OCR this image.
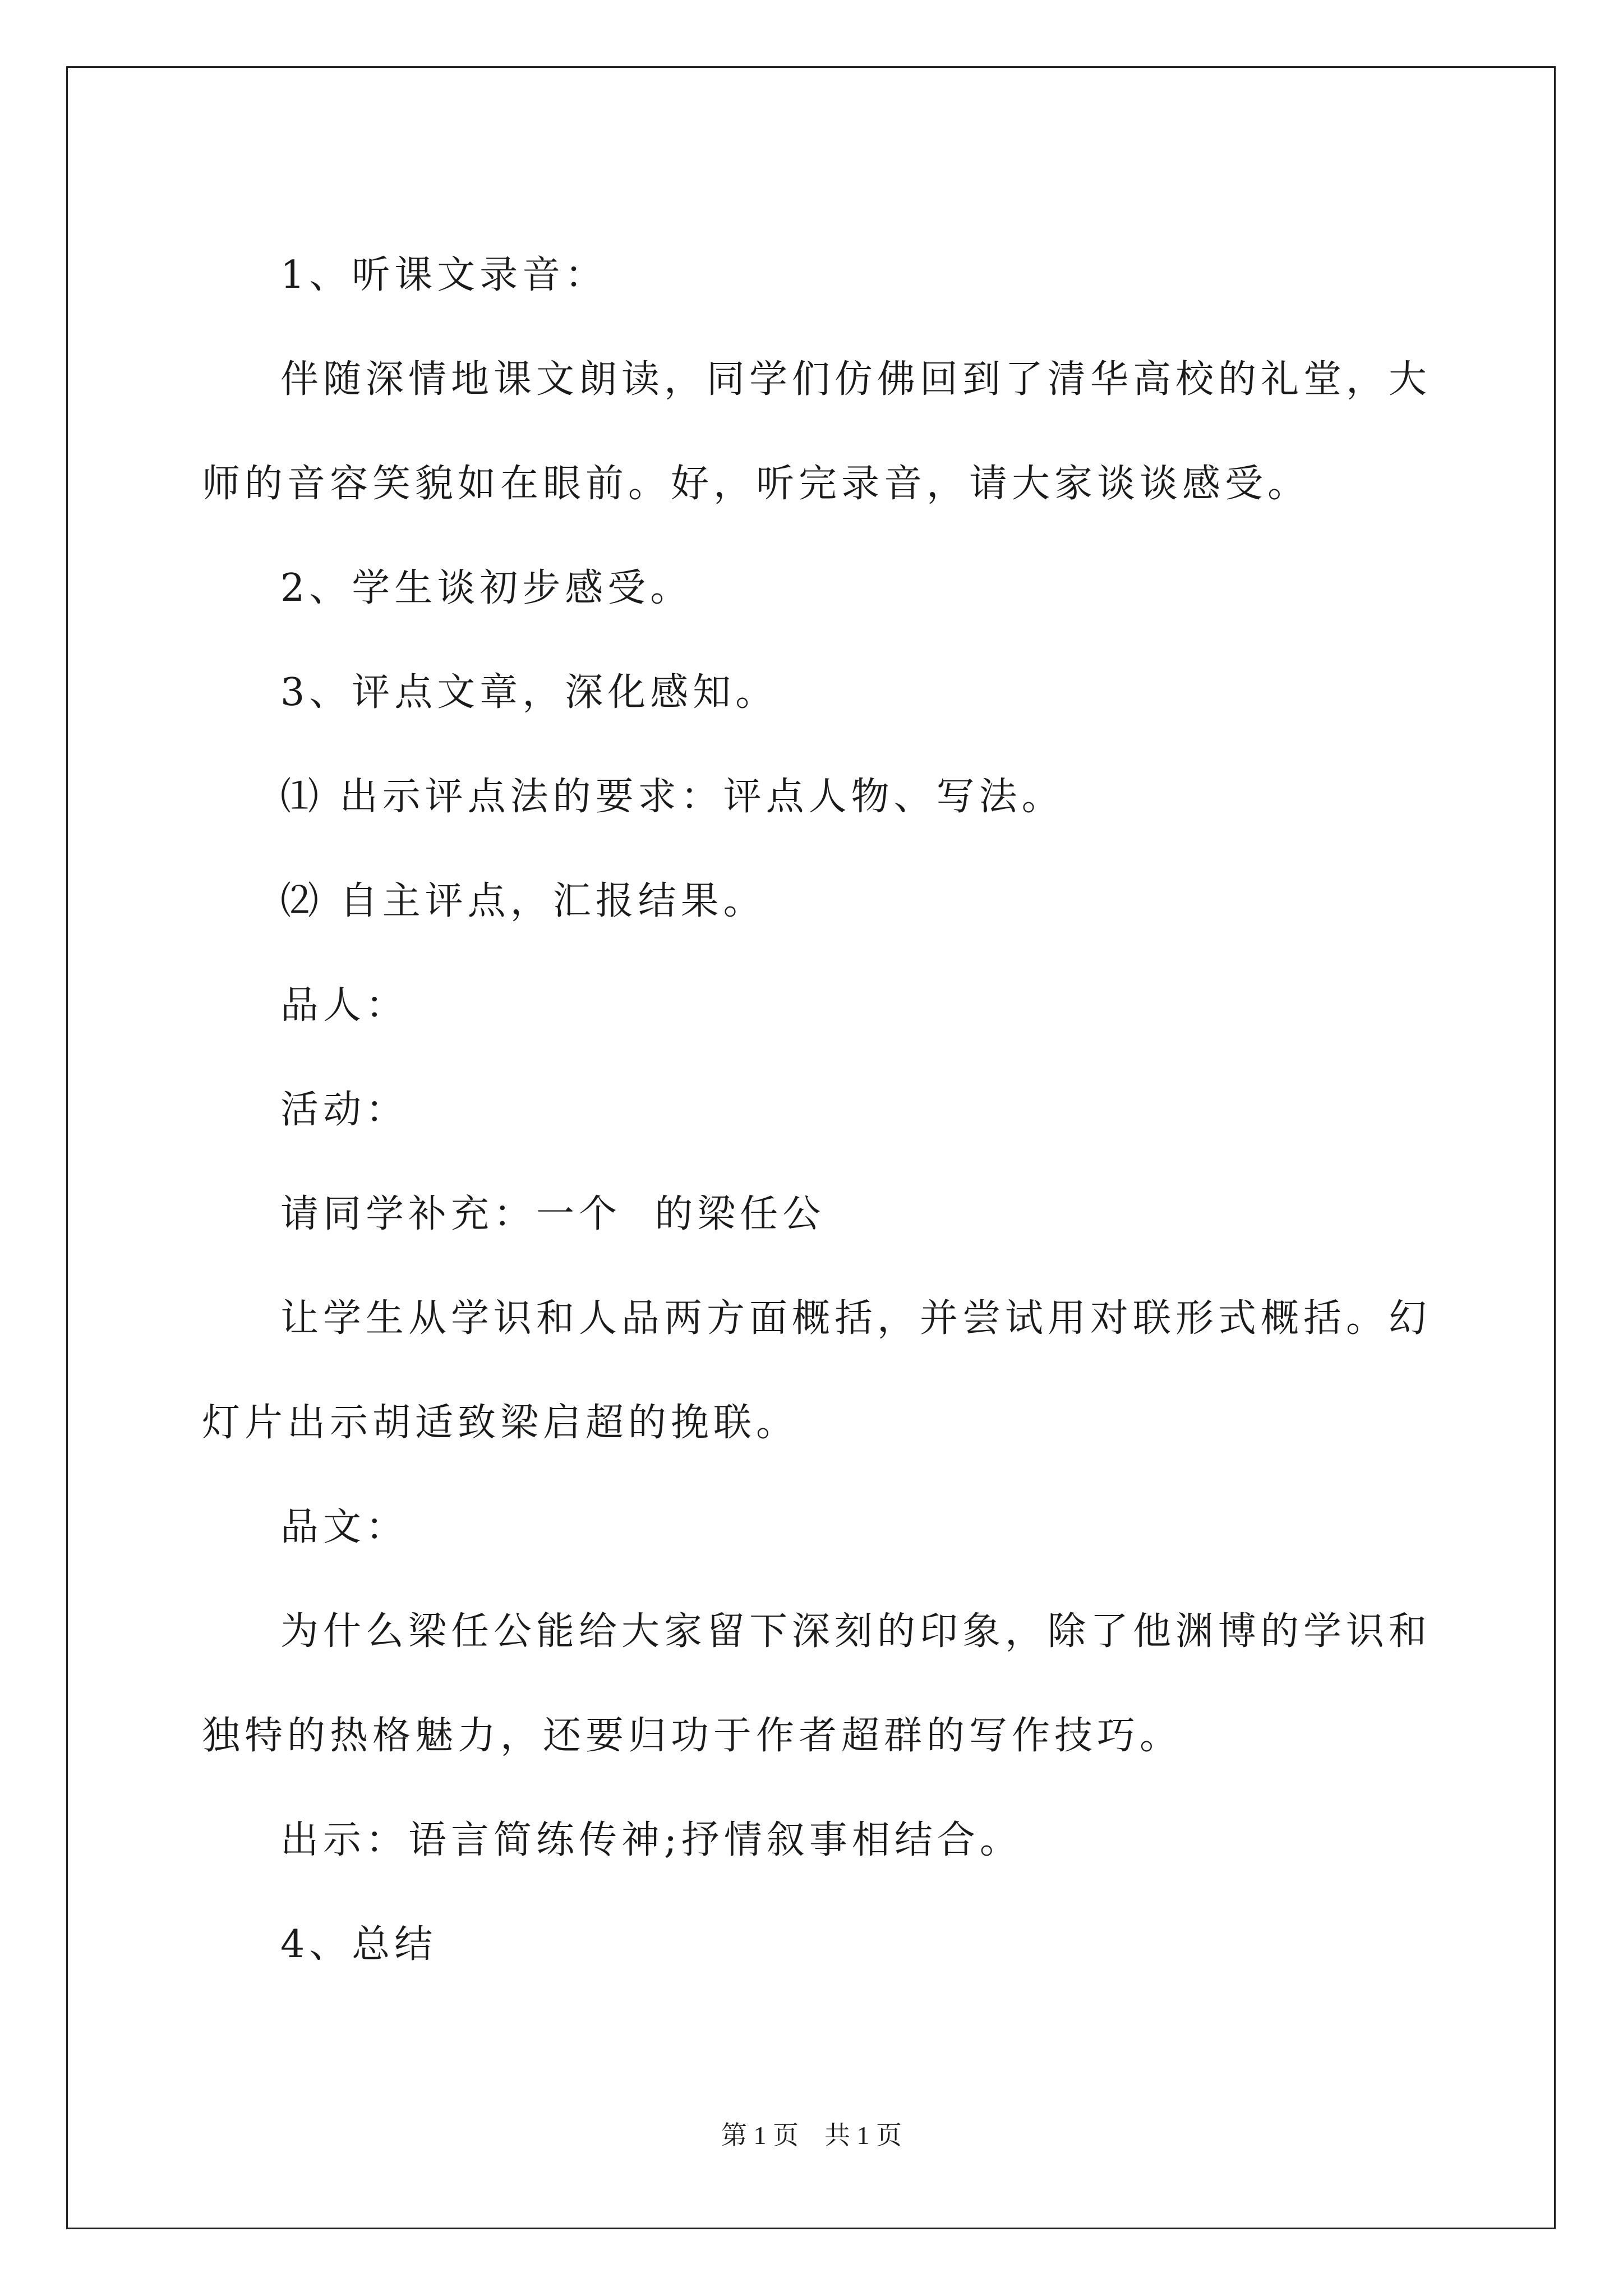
1、听课文录音：

伴随深情地课文朗读，同学们仿佛回到了清华高校的礼堂，大师的音容笑貌如在眼前。好，听完录音，请大家谈谈感受。

2、学生谈初步感受。

3、评点文章，深化感知。

⑴ 出示评点法的要求：评点人物、写法。

⑵ 自主评点，汇报结果。

品人：

活动：

请同学补充：一个  的梁任公

让学生从学识和人品两方面概括，并尝试用对联形式概括。幻灯片出示胡适致梁启超的挽联。

品文：

为什么梁任公能给大家留下深刻的印象，除了他渊博的学识和独特的热格魅力，还要归功于作者超群的写作技巧。

出示：语言简练传神;抒情叙事相结合。

4、总结

第 1 页    共 1 页
